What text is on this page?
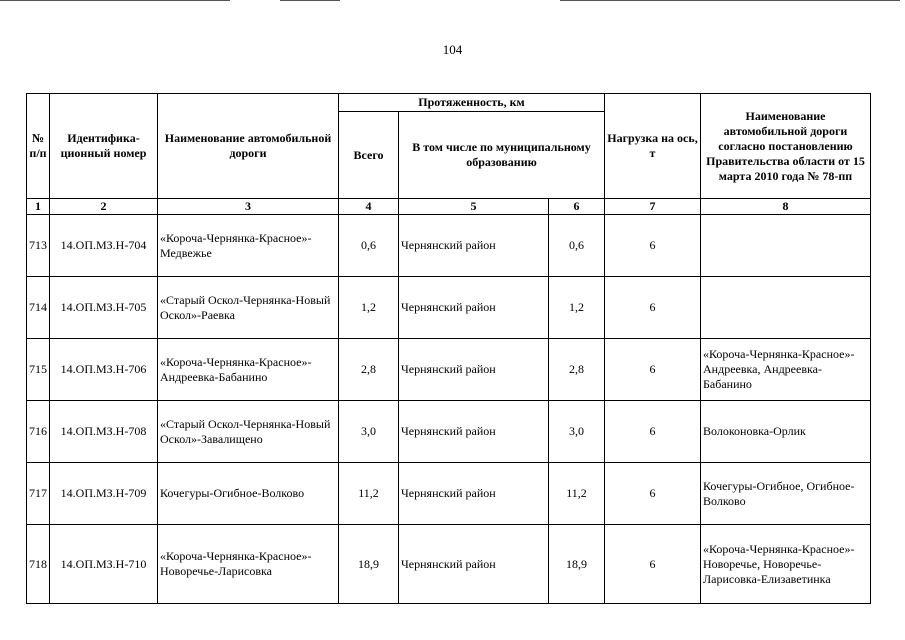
104
№ п/п	Идентифика-ционный номер	Наименование автомобильной дороги	Протяженность, км			Нагрузка на ось, т	Наименование автомобильной дороги согласно постановлению Правительства области от 15 марта 2010 года № 78-пп
			Всего	В том числе по муниципальному образованию			
1	2	3	4	5	6	7	8
713	14.ОП.МЗ.Н-704	«Короча-Чернянка-Красное»-Медвежье	0,6	Чернянский район	0,6	6	
714	14.ОП.МЗ.Н-705	«Старый Оскол-Чернянка-Новый Оскол»-Раевка	1,2	Чернянский район	1,2	6	
715	14.ОП.МЗ.Н-706	«Короча-Чернянка-Красное»-Андреевка-Бабанино	2,8	Чернянский район	2,8	6	«Короча-Чернянка-Красное»-Андреевка, Андреевка-Бабанино
716	14.ОП.МЗ.Н-708	«Старый Оскол-Чернянка-Новый Оскол»-Завалищено	3,0	Чернянский район	3,0	6	Волоконовка-Орлик
717	14.ОП.МЗ.Н-709	Кочегуры-Огибное-Волково	11,2	Чернянский район	11,2	6	Кочегуры-Огибное, Огибное-Волково
718	14.ОП.МЗ.Н-710	«Короча-Чернянка-Красное»-Новоречье-Ларисовка	18,9	Чернянский район	18,9	6	«Короча-Чернянка-Красное»-Новоречье, Новоречье-Ларисовка-Елизаветинка
